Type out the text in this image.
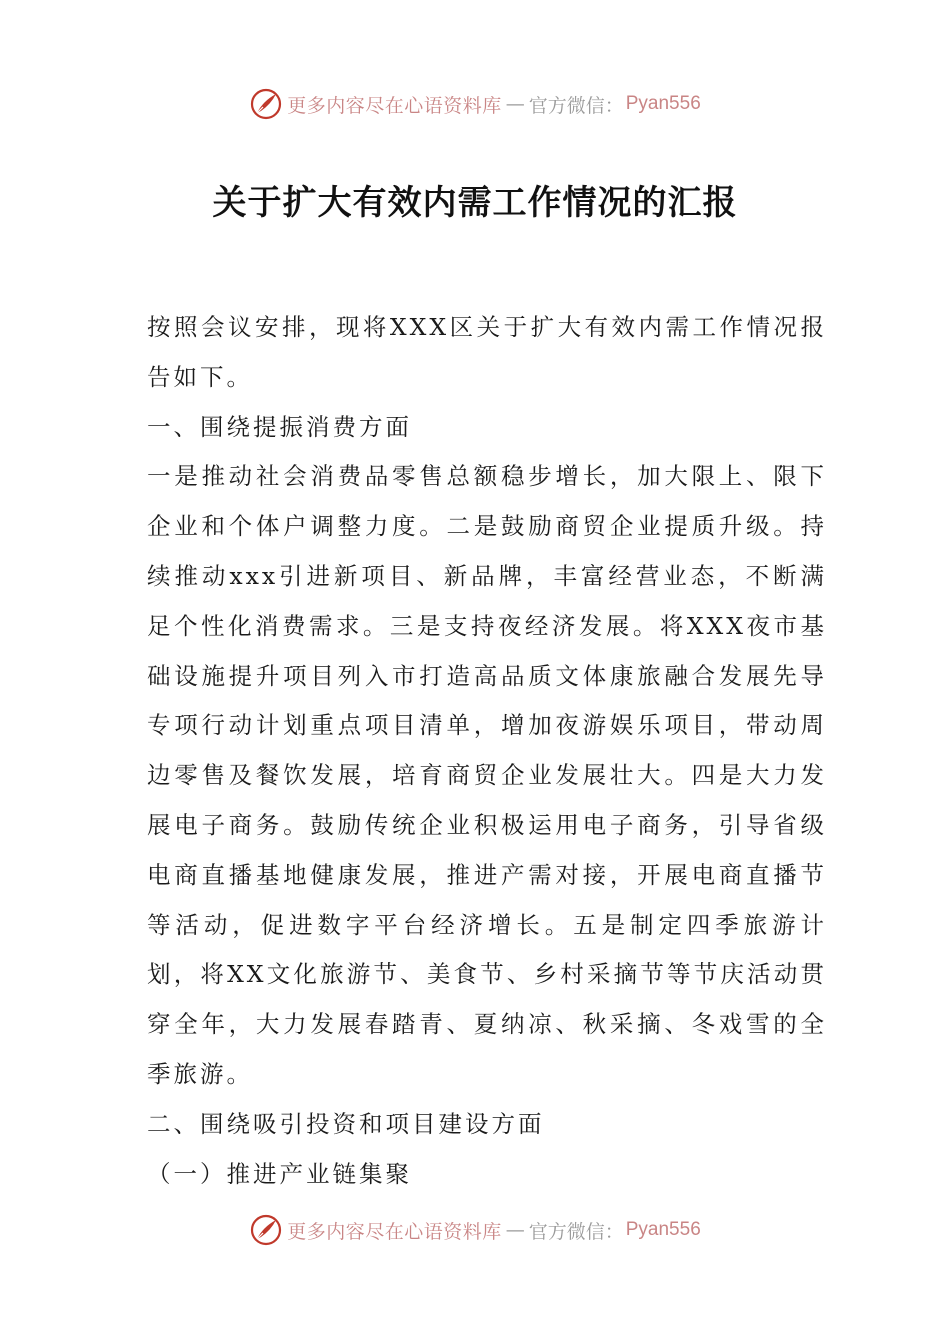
更多内容尽在心语资料库 — 官方微信： Pyan556
关于扩大有效内需工作情况的汇报

按照会议安排，现将XXX区关于扩大有效内需工作情况报告如下。

一、围绕提振消费方面

一是推动社会消费品零售总额稳步增长，加大限上、限下企业和个体户调整力度。二是鼓励商贸企业提质升级。持续推动xxx引进新项目、新品牌，丰富经营业态，不断满足个性化消费需求。三是支持夜经济发展。将XXX夜市基础设施提升项目列入市打造高品质文体康旅融合发展先导专项行动计划重点项目清单，增加夜游娱乐项目，带动周边零售及餐饮发展，培育商贸企业发展壮大。四是大力发展电子商务。鼓励传统企业积极运用电子商务，引导省级电商直播基地健康发展，推进产需对接，开展电商直播节等活动，促进数字平台经济增长。五是制定四季旅游计划，将XX文化旅游节、美食节、乡村采摘节等节庆活动贯穿全年，大力发展春踏青、夏纳凉、秋采摘、冬戏雪的全季旅游。

二、围绕吸引投资和项目建设方面

（一）推进产业链集聚

更多内容尽在心语资料库 — 官方微信： Pyan556
